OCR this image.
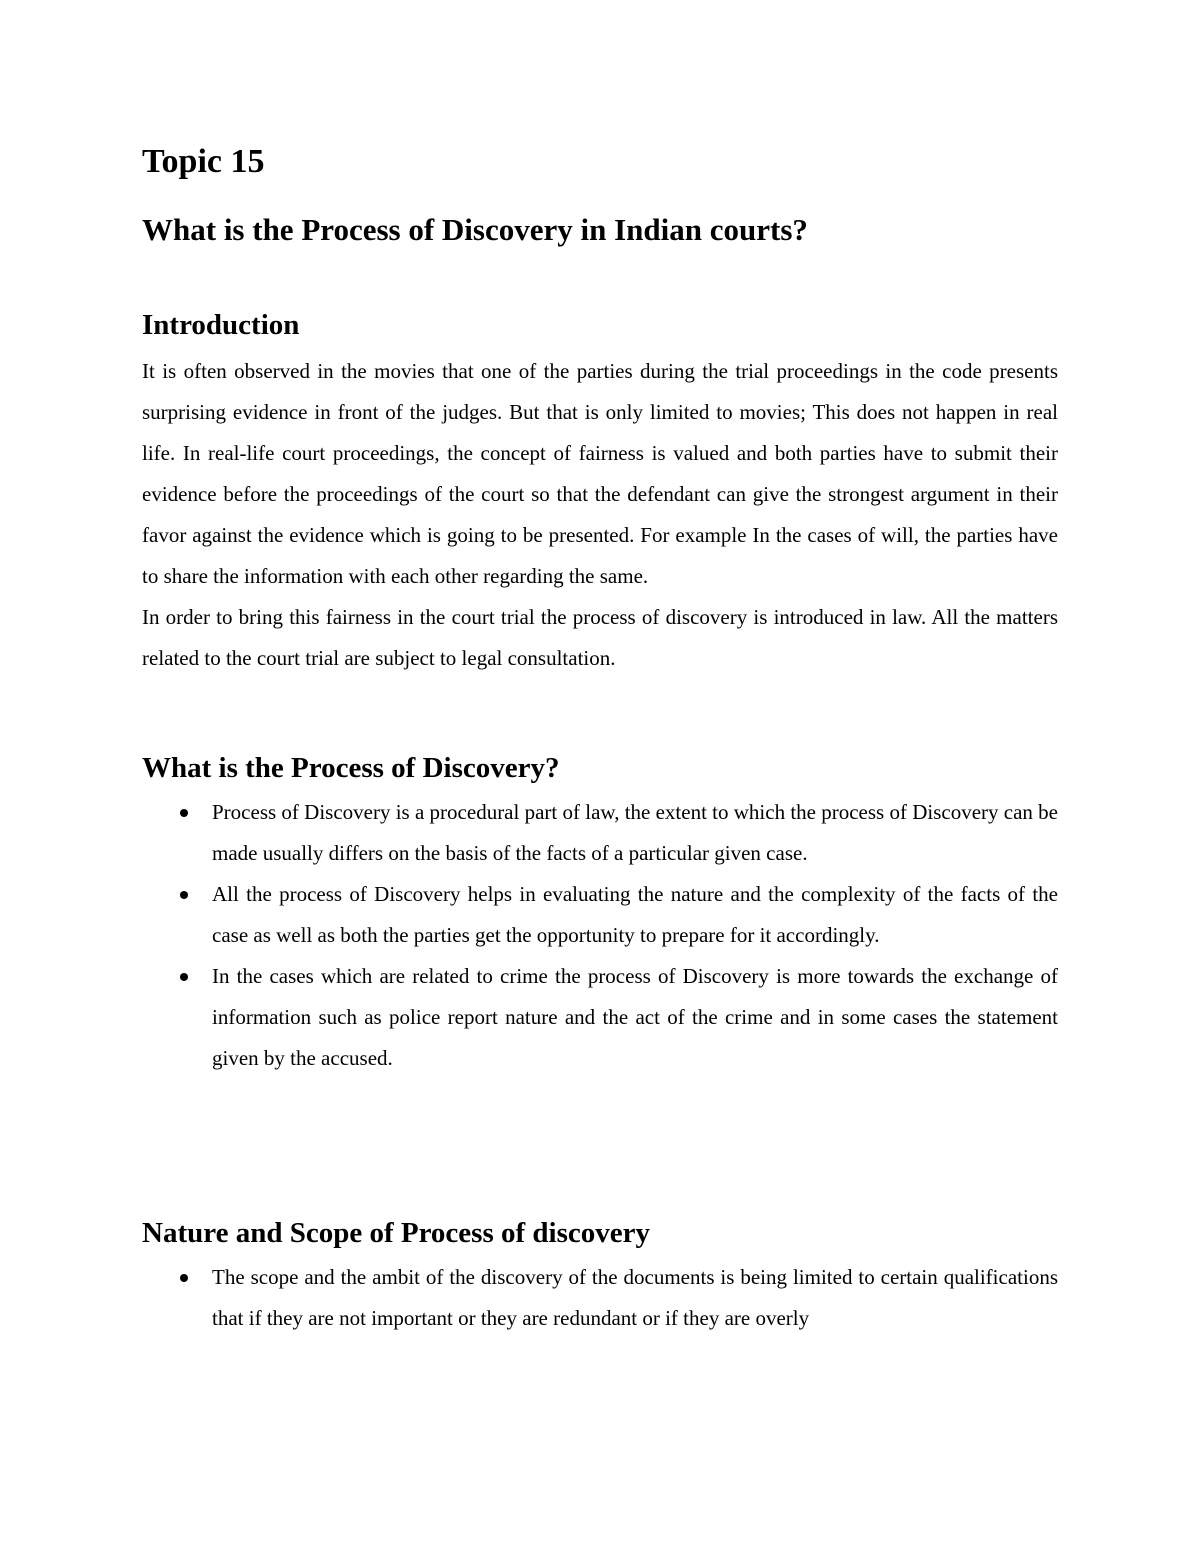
Topic 15
What is the Process of Discovery in Indian courts?
Introduction

It is often observed in the movies that one of the parties during the trial proceedings in the code presents surprising evidence in front of the judges. But that is only limited to movies; This does not happen in real life. In real-life court proceedings, the concept of fairness is valued and both parties have to submit their evidence before the proceedings of the court so that the defendant can give the strongest argument in their favor against the evidence which is going to be presented. For example In the cases of will, the parties have to share the information with each other regarding the same.

In order to bring this fairness in the court trial the process of discovery is introduced in law. All the matters related to the court trial are subject to legal consultation.

What is the Process of Discovery?
Process of Discovery is a procedural part of law, the extent to which the process of Discovery can be made usually differs on the basis of the facts of a particular given case.
All the process of Discovery helps in evaluating the nature and the complexity of the facts of the case as well as both the parties get the opportunity to prepare for it accordingly.
In the cases which are related to crime the process of Discovery is more towards the exchange of information such as police report nature and the act of the crime and in some cases the statement given by the accused.
Nature and Scope of Process of discovery
The scope and the ambit of the discovery of the documents is being limited to certain qualifications that if they are not important or they are redundant or if they are overly
